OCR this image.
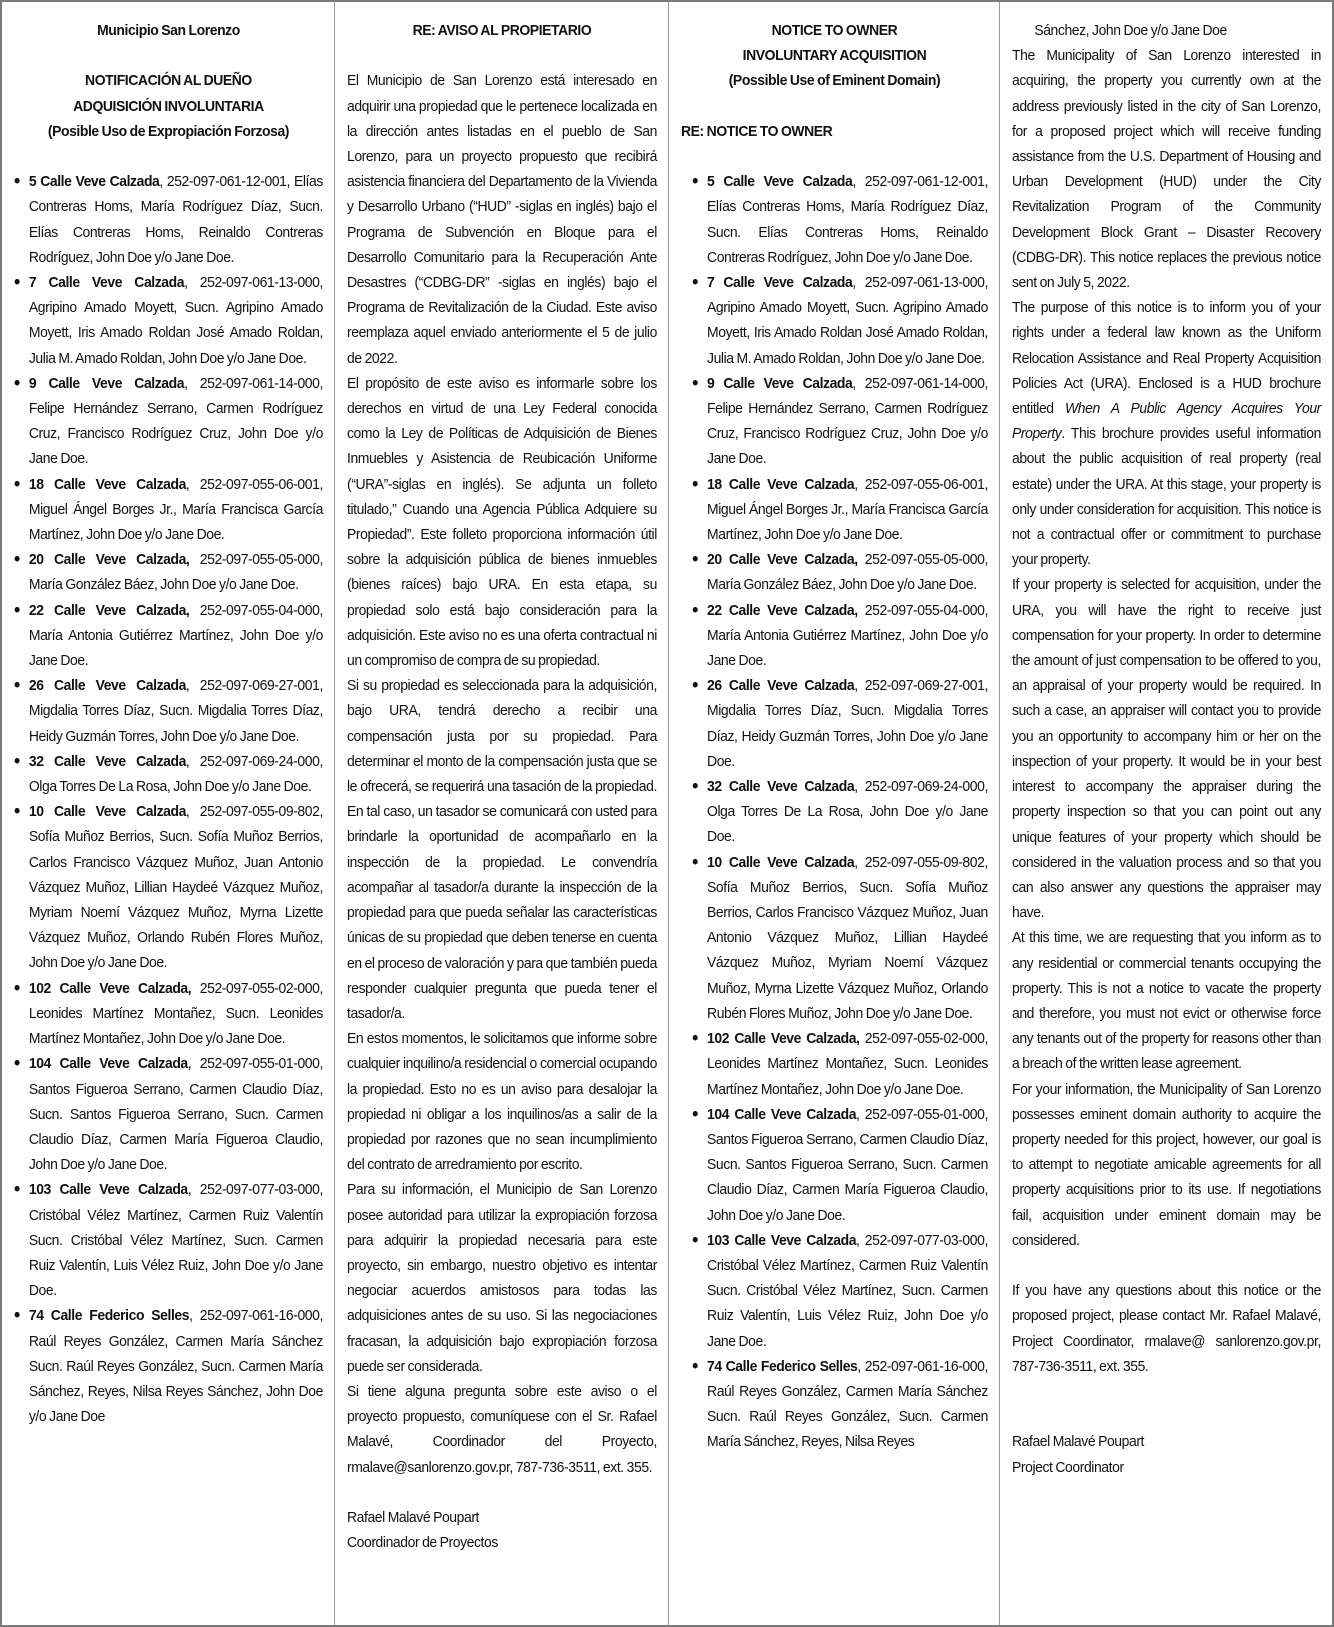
Municipio San Lorenzo

NOTIFICACIÓN AL DUEÑO

ADQUISICIÓN INVOLUNTARIA

(Posible Uso de Expropiación Forzosa)

• 5 Calle Veve Calzada, 252-097-061-12-001, Elías Contreras Homs, María Rodríguez Díaz, Sucn. Elías Contreras Homs, Reinaldo Contreras Rodríguez, John Doe y/o Jane Doe.
• 7 Calle Veve Calzada, 252-097-061-13-000, Agripino Amado Moyett, Sucn. Agripino Amado Moyett, Iris Amado Roldan José Amado Roldan, Julia M. Amado Roldan, John Doe y/o Jane Doe.
• 9 Calle Veve Calzada, 252-097-061-14-000, Felipe Hernández Serrano, Carmen Rodríguez Cruz, Francisco Rodríguez Cruz, John Doe y/o Jane Doe.
• 18 Calle Veve Calzada, 252-097-055-06-001, Miguel Ángel Borges Jr., María Francisca García Martínez, John Doe y/o Jane Doe.
• 20 Calle Veve Calzada, 252-097-055-05-000, María González Báez, John Doe y/o Jane Doe.
• 22 Calle Veve Calzada, 252-097-055-04-000, María Antonia Gutiérrez Martínez, John Doe y/o Jane Doe.
• 26 Calle Veve Calzada, 252-097-069-27-001, Migdalia Torres Díaz, Sucn. Migdalia Torres Díaz, Heidy Guzmán Torres, John Doe y/o Jane Doe.
• 32 Calle Veve Calzada, 252-097-069-24-000, Olga Torres De La Rosa, John Doe y/o Jane Doe.
• 10 Calle Veve Calzada, 252-097-055-09-802, Sofía Muñoz Berrios, Sucn. Sofía Muñoz Berrios, Carlos Francisco Vázquez Muñoz, Juan Antonio Vázquez Muñoz, Lillian Haydeé Vázquez Muñoz, Myriam Noemí Vázquez Muñoz, Myrna Lizette Vázquez Muñoz, Orlando Rubén Flores Muñoz, John Doe y/o Jane Doe.
• 102 Calle Veve Calzada, 252-097-055-02-000, Leonides Martínez Montañez, Sucn. Leonides Martínez Montañez, John Doe y/o Jane Doe.
• 104 Calle Veve Calzada, 252-097-055-01-000, Santos Figueroa Serrano, Carmen Claudio Díaz, Sucn. Santos Figueroa Serrano, Sucn. Carmen Claudio Díaz, Carmen María Figueroa Claudio, John Doe y/o Jane Doe.
• 103 Calle Veve Calzada, 252-097-077-03-000, Cristóbal Vélez Martínez, Carmen Ruiz Valentín Sucn. Cristóbal Vélez Martínez, Sucn. Carmen Ruiz Valentín, Luis Vélez Ruiz, John Doe y/o Jane Doe.
• 74 Calle Federico Selles, 252-097-061-16-000, Raúl Reyes González, Carmen María Sánchez Sucn. Raúl Reyes González, Sucn. Carmen María Sánchez, Reyes, Nilsa Reyes Sánchez, John Doe y/o Jane Doe

RE: AVISO AL PROPIETARIO

El Municipio de San Lorenzo está interesado en adquirir una propiedad que le pertenece localizada en la dirección antes listadas en el pueblo de San Lorenzo, para un proyecto propuesto que recibirá asistencia financiera del Departamento de la Vivienda y Desarrollo Urbano (“HUD” -siglas en inglés) bajo el Programa de Subvención en Bloque para el Desarrollo Comunitario para la Recuperación Ante Desastres (“CDBG-DR” -siglas en inglés) bajo el Programa de Revitalización de la Ciudad. Este aviso reemplaza aquel enviado anteriormente el 5 de julio de 2022.

El propósito de este aviso es informarle sobre los derechos en virtud de una Ley Federal conocida como la Ley de Políticas de Adquisición de Bienes Inmuebles y Asistencia de Reubicación Uniforme (“URA”-siglas en inglés). Se adjunta un folleto titulado,” Cuando una Agencia Pública Adquiere su Propiedad”. Este folleto proporciona información útil sobre la adquisición pública de bienes inmuebles (bienes raíces) bajo URA. En esta etapa, su propiedad solo está bajo consideración para la adquisición. Este aviso no es una oferta contractual ni un compromiso de compra de su propiedad.

Si su propiedad es seleccionada para la adquisición, bajo URA, tendrá derecho a recibir una compensación justa por su propiedad. Para determinar el monto de la compensación justa que se le ofrecerá, se requerirá una tasación de la propiedad. En tal caso, un tasador se comunicará con usted para brindarle la oportunidad de acompañarlo en la inspección de la propiedad. Le convendría acompañar al tasador/a durante la inspección de la propiedad para que pueda señalar las características únicas de su propiedad que deben tenerse en cuenta en el proceso de valoración y para que también pueda responder cualquier pregunta que pueda tener el tasador/a.

En estos momentos, le solicitamos que informe sobre cualquier inquilino/a residencial o comercial ocupando la propiedad. Esto no es un aviso para desalojar la propiedad ni obligar a los inquilinos/as a salir de la propiedad por razones que no sean incumplimiento del contrato de arredramiento por escrito.

Para su información, el Municipio de San Lorenzo posee autoridad para utilizar la expropiación forzosa para adquirir la propiedad necesaria para este proyecto, sin embargo, nuestro objetivo es intentar negociar acuerdos amistosos para todas las adquisiciones antes de su uso. Si las negociaciones fracasan, la adquisición bajo expropiación forzosa puede ser considerada.

Si tiene alguna pregunta sobre este aviso o el proyecto propuesto, comuníquese con el Sr. Rafael Malavé, Coordinador del Proyecto, rmalave@sanlorenzo.gov.pr, 787-736-3511, ext. 355.

Rafael Malavé Poupart

Coordinador de Proyectos

NOTICE TO OWNER

INVOLUNTARY ACQUISITION

(Possible Use of Eminent Domain)

RE: NOTICE TO OWNER

• 5 Calle Veve Calzada, 252-097-061-12-001, Elías Contreras Homs, María Rodríguez Díaz, Sucn. Elías Contreras Homs, Reinaldo Contreras Rodríguez, John Doe y/o Jane Doe.
• 7 Calle Veve Calzada, 252-097-061-13-000, Agripino Amado Moyett, Sucn. Agripino Amado Moyett, Iris Amado Roldan José Amado Roldan, Julia M. Amado Roldan, John Doe y/o Jane Doe.
• 9 Calle Veve Calzada, 252-097-061-14-000, Felipe Hernández Serrano, Carmen Rodríguez Cruz, Francisco Rodríguez Cruz, John Doe y/o Jane Doe.
• 18 Calle Veve Calzada, 252-097-055-06-001, Miguel Ángel Borges Jr., María Francisca García Martínez, John Doe y/o Jane Doe.
• 20 Calle Veve Calzada, 252-097-055-05-000, María González Báez, John Doe y/o Jane Doe.
• 22 Calle Veve Calzada, 252-097-055-04-000, María Antonia Gutiérrez Martínez, John Doe y/o Jane Doe.
• 26 Calle Veve Calzada, 252-097-069-27-001, Migdalia Torres Díaz, Sucn. Migdalia Torres Díaz, Heidy Guzmán Torres, John Doe y/o Jane Doe.
• 32 Calle Veve Calzada, 252-097-069-24-000, Olga Torres De La Rosa, John Doe y/o Jane Doe.
• 10 Calle Veve Calzada, 252-097-055-09-802, Sofía Muñoz Berrios, Sucn. Sofía Muñoz Berrios, Carlos Francisco Vázquez Muñoz, Juan Antonio Vázquez Muñoz, Lillian Haydeé Vázquez Muñoz, Myriam Noemí Vázquez Muñoz, Myrna Lizette Vázquez Muñoz, Orlando Rubén Flores Muñoz, John Doe y/o Jane Doe.
• 102 Calle Veve Calzada, 252-097-055-02-000, Leonides Martínez Montañez, Sucn. Leonides Martínez Montañez, John Doe y/o Jane Doe.
• 104 Calle Veve Calzada, 252-097-055-01-000, Santos Figueroa Serrano, Carmen Claudio Díaz, Sucn. Santos Figueroa Serrano, Sucn. Carmen Claudio Díaz, Carmen María Figueroa Claudio, John Doe y/o Jane Doe.
• 103 Calle Veve Calzada, 252-097-077-03-000, Cristóbal Vélez Martínez, Carmen Ruiz Valentín Sucn. Cristóbal Vélez Martínez, Sucn. Carmen Ruiz Valentín, Luis Vélez Ruiz, John Doe y/o Jane Doe.
• 74 Calle Federico Selles, 252-097-061-16-000, Raúl Reyes González, Carmen María Sánchez Sucn. Raúl Reyes González, Sucn. Carmen María Sánchez, Reyes, Nilsa Reyes

Sánchez, John Doe y/o Jane Doe

The Municipality of San Lorenzo interested in acquiring, the property you currently own at the address previously listed in the city of San Lorenzo, for a proposed project which will receive funding assistance from the U.S. Department of Housing and Urban Development (HUD) under the City Revitalization Program of the Community Development Block Grant – Disaster Recovery (CDBG-DR). This notice replaces the previous notice sent on July 5, 2022.

The purpose of this notice is to inform you of your rights under a federal law known as the Uniform Relocation Assistance and Real Property Acquisition Policies Act (URA). Enclosed is a HUD brochure entitled When A Public Agency Acquires Your Property. This brochure provides useful information about the public acquisition of real property (real estate) under the URA. At this stage, your property is only under consideration for acquisition. This notice is not a contractual offer or commitment to purchase your property.

If your property is selected for acquisition, under the URA, you will have the right to receive just compensation for your property. In order to determine the amount of just compensation to be offered to you, an appraisal of your property would be required. In such a case, an appraiser will contact you to provide you an opportunity to accompany him or her on the inspection of your property. It would be in your best interest to accompany the appraiser during the property inspection so that you can point out any unique features of your property which should be considered in the valuation process and so that you can also answer any questions the appraiser may have.

At this time, we are requesting that you inform as to any residential or commercial tenants occupying the property. This is not a notice to vacate the property and therefore, you must not evict or otherwise force any tenants out of the property for reasons other than a breach of the written lease agreement.

For your information, the Municipality of San Lorenzo possesses eminent domain authority to acquire the property needed for this project, however, our goal is to attempt to negotiate amicable agreements for all property acquisitions prior to its use. If negotiations fail, acquisition under eminent domain may be considered.

If you have any questions about this notice or the proposed project, please contact Mr. Rafael Malavé, Project Coordinator, rmalave@ sanlorenzo.gov.pr, 787-736-3511, ext. 355.

Rafael Malavé Poupart

Project Coordinator
